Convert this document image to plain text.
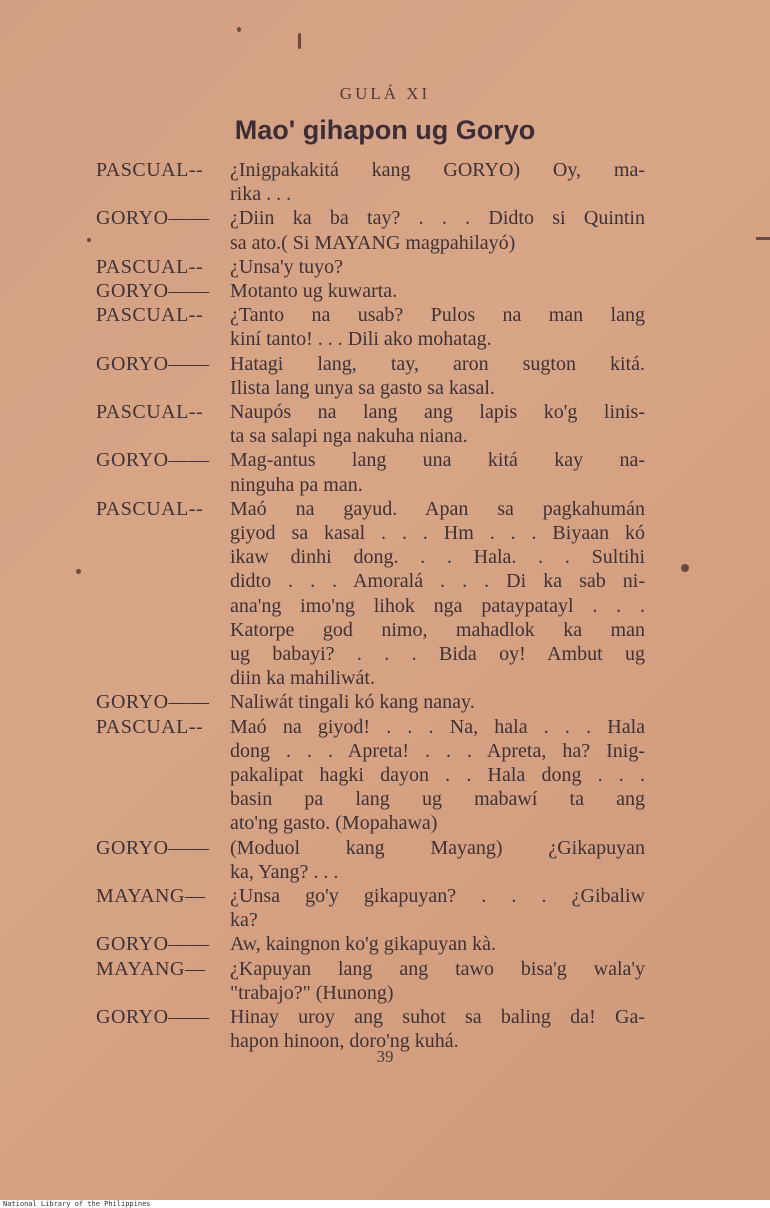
GULÁ XI
Mao' gihapon ug Goryo
PASCUAL-- ¿Inigpakakitá kang GORYO) Oy, ma-
rika . . .
GORYO—— ¿Diin ka ba tay? . . . Didto si Quintin
sa ato.( Si MAYANG magpahilayó)
PASCUAL-- ¿Unsa'y tuyo?
GORYO—— Motanto ug kuwarta.
PASCUAL-- ¿Tanto na usab? Pulos na man lang
kiní tanto! . . . Dili ako mohatag.
GORYO—— Hatagi lang, tay, aron sugton kitá.
Ilista lang unya sa gasto sa kasal.
PASCUAL-- Naupós na lang ang lapis ko'g linis-
ta sa salapi nga nakuha niana.
GORYO—— Mag-antus lang una kitá kay na-
ninguha pa man.
PASCUAL-- Maó na gayud. Apan sa pagkahumán
giyod sa kasal . . . Hm . . . Biyaan kó
ikaw dinhi dong. . . Hala. . . Sultihi
didto . . . Amoralá . . . Di ka sab ni-
ana'ng imo'ng lihok nga pataypatayl . . .
Katorpe god nimo, mahadlok ka man
ug babayi? . . . Bida oy! Ambut ug
diin ka mahiliwát.
GORYO—— Naliwát tingali kó kang nanay.
PASCUAL-- Maó na giyod! . . . Na, hala . . . Hala
dong . . . Apreta! . . . Apreta, ha? Inig-
pakalipat hagki dayon . . Hala dong . . .
basin pa lang ug mabawí ta ang
ato'ng gasto. (Mopahawa)
GORYO—— (Moduol kang Mayang) ¿Gikapuyan
ka, Yang? . . .
MAYANG— ¿Unsa go'y gikapuyan? . . . ¿Gibaliw
ka?
GORYO—— Aw, kaingnon ko'g gikapuyan kà.
MAYANG— ¿Kapuyan lang ang tawo bisa'g wala'y
"trabajo?" (Hunong)
GORYO—— Hinay uroy ang suhot sa baling da! Ga-
hapon hinoon, doro'ng kuhá.
39
National Library of the Philippines
